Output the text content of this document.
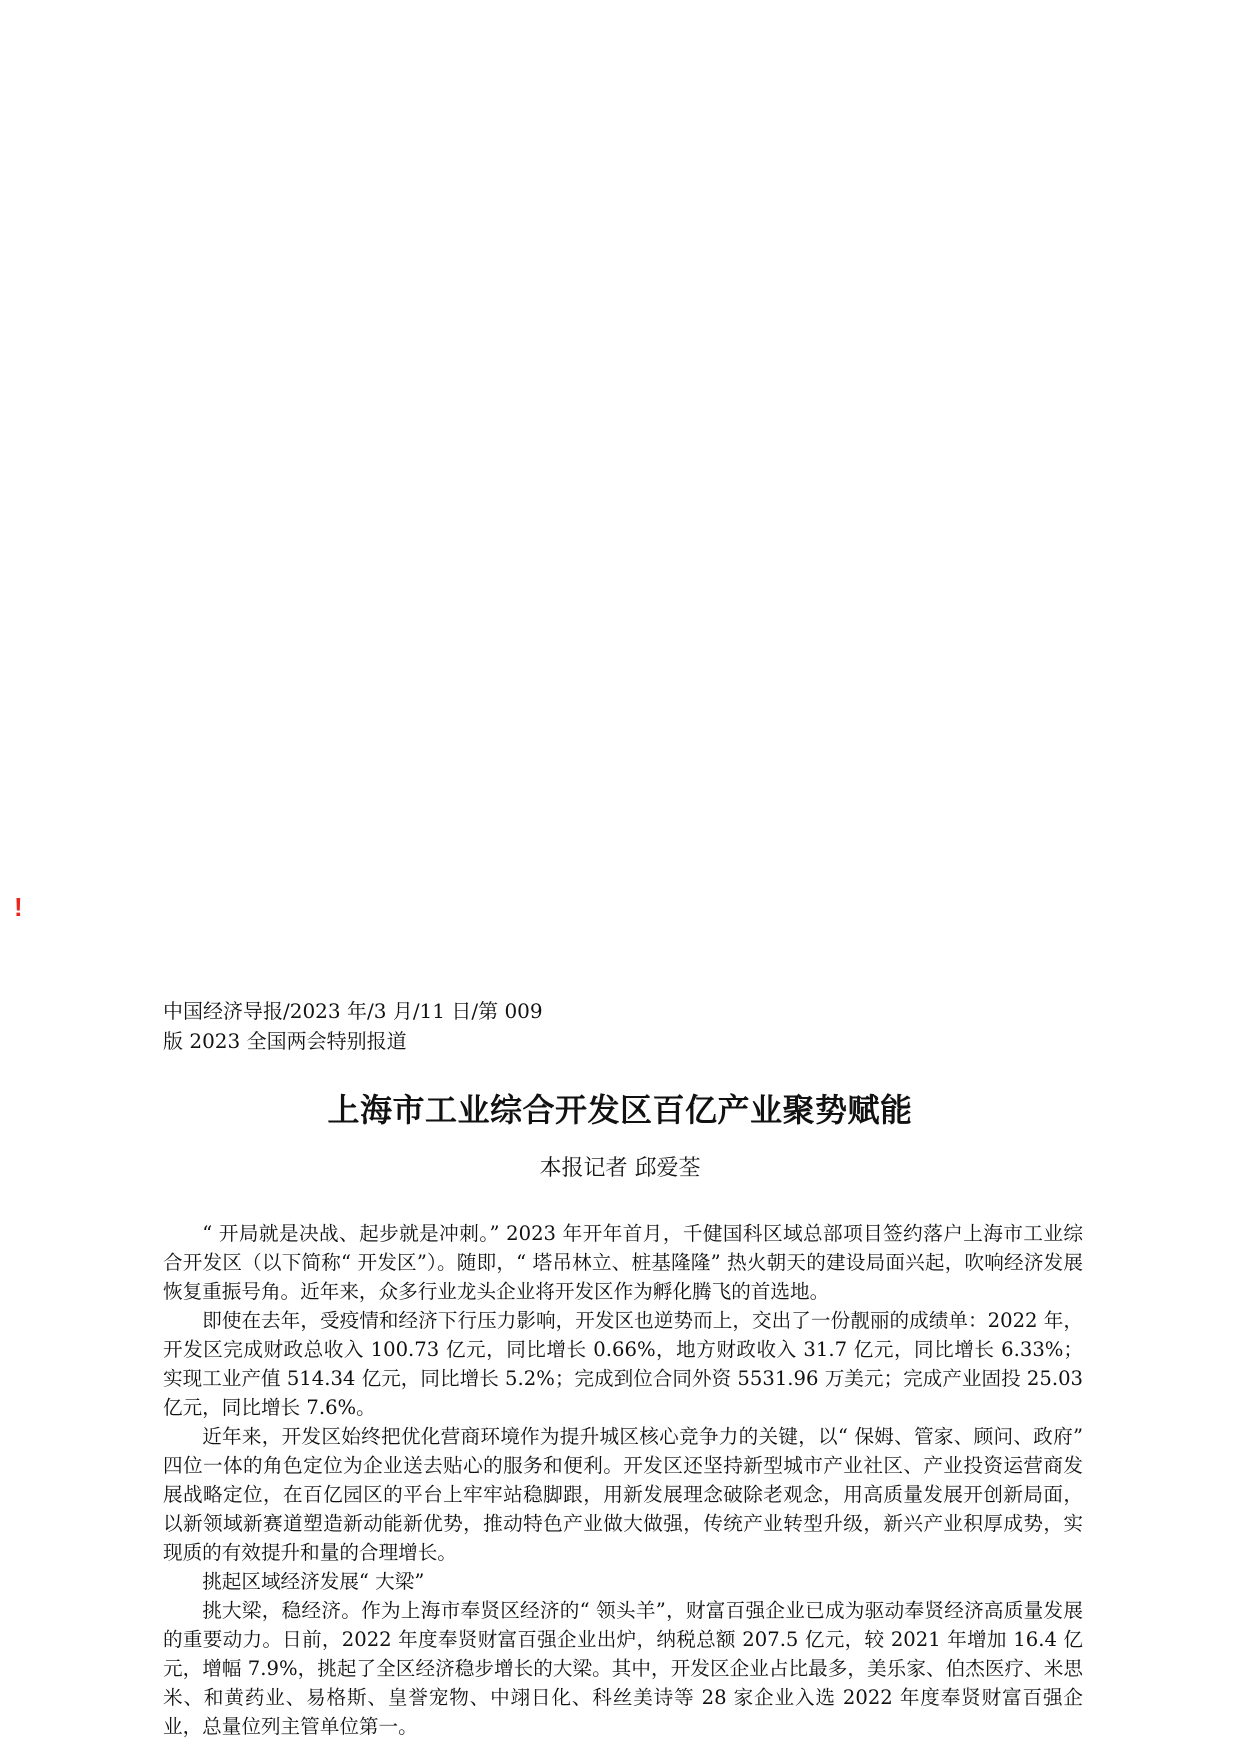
!
中国经济导报/2023 年/3 月/11 日/第 009
版 2023 全国两会特别报道
上海市工业综合开发区百亿产业聚势赋能
本报记者 邱爱荃

“ 开局就是决战、起步就是冲刺。” 2023 年开年首月，千健国科区域总部项目签约落户上海市工业综合开发区（以下简称“ 开发区”）。随即，“ 塔吊林立、桩基隆隆” 热火朝天的建设局面兴起，吹响经济发展恢复重振号角。近年来，众多行业龙头企业将开发区作为孵化腾飞的首选地。

即使在去年，受疫情和经济下行压力影响，开发区也逆势而上，交出了一份靓丽的成绩单：2022 年，开发区完成财政总收入 100.73 亿元，同比增长 0.66%，地方财政收入 31.7 亿元，同比增长 6.33%；实现工业产值 514.34 亿元，同比增长 5.2%；完成到位合同外资 5531.96 万美元；完成产业固投 25.03 亿元，同比增长 7.6%。

近年来，开发区始终把优化营商环境作为提升城区核心竞争力的关键，以“ 保姆、管家、顾问、政府” 四位一体的角色定位为企业送去贴心的服务和便利。开发区还坚持新型城市产业社区、产业投资运营商发展战略定位，在百亿园区的平台上牢牢站稳脚跟，用新发展理念破除老观念，用高质量发展开创新局面，以新领域新赛道塑造新动能新优势，推动特色产业做大做强，传统产业转型升级，新兴产业积厚成势，实现质的有效提升和量的合理增长。

挑起区域经济发展“ 大梁”

挑大梁，稳经济。作为上海市奉贤区经济的“ 领头羊”，财富百强企业已成为驱动奉贤经济高质量发展的重要动力。日前，2022 年度奉贤财富百强企业出炉，纳税总额 207.5 亿元，较 2021 年增加 16.4 亿元，增幅 7.9%，挑起了全区经济稳步增长的大梁。其中，开发区企业占比最多，美乐家、伯杰医疗、米思米、和黄药业、易格斯、皇誉宠物、中翊日化、科丝美诗等 28 家企业入选 2022 年度奉贤财富百强企业，总量位列主管单位第一。
